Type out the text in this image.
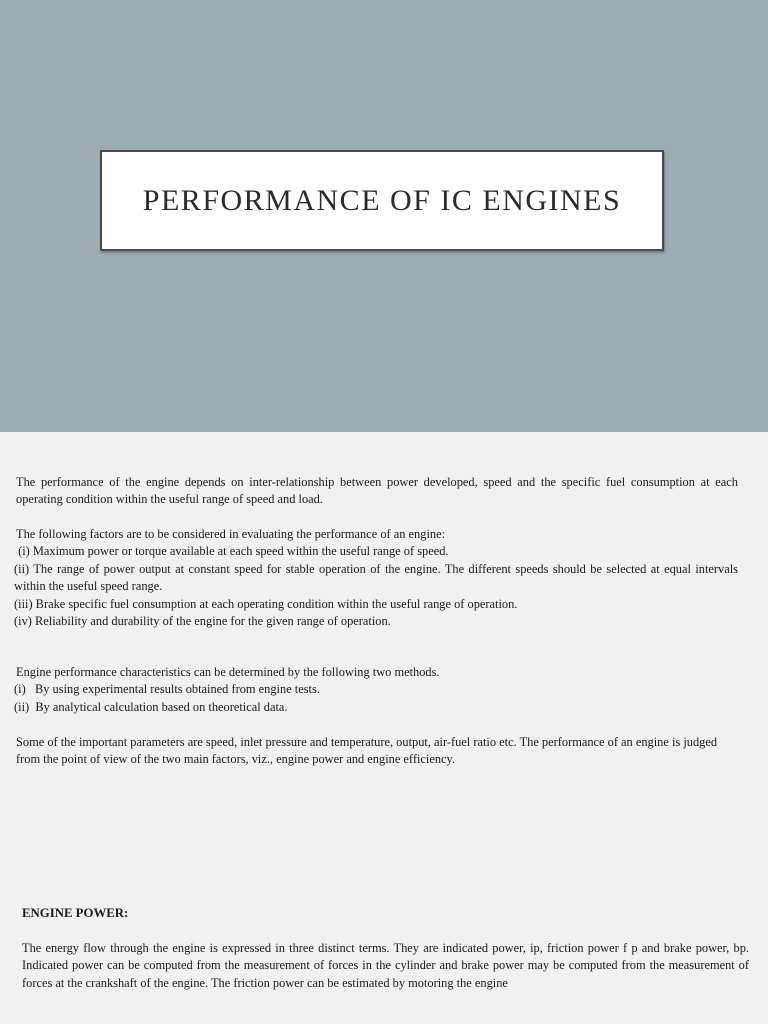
PERFORMANCE OF IC ENGINES

The performance of the engine depends on inter-relationship between power developed, speed and the specific fuel consumption at each operating condition within the useful range of speed and load.

The following factors are to be considered in evaluating the performance of an engine:
(i) Maximum power or torque available at each speed within the useful range of speed.
(ii) The range of power output at constant speed for stable operation of the engine. The different speeds should be selected at equal intervals within the useful speed range.
(iii) Brake specific fuel consumption at each operating condition within the useful range of operation.
(iv) Reliability and durability of the engine for the given range of operation.
Engine performance characteristics can be determined by the following two methods.
(i)   By using experimental results obtained from engine tests.
(ii)  By analytical calculation based on theoretical data.

Some of the important parameters are speed, inlet pressure and temperature, output, air-fuel ratio etc. The performance of an engine is judged from the point of view of the two main factors, viz., engine power and engine efficiency.

ENGINE POWER:

The energy flow through the engine is expressed in three distinct terms. They are indicated power, ip, friction power f p and brake power, bp. Indicated power can be computed from the measurement of forces in the cylinder and brake power may be computed from the measurement of forces at the crankshaft of the engine. The friction power can be estimated by motoring the engine
